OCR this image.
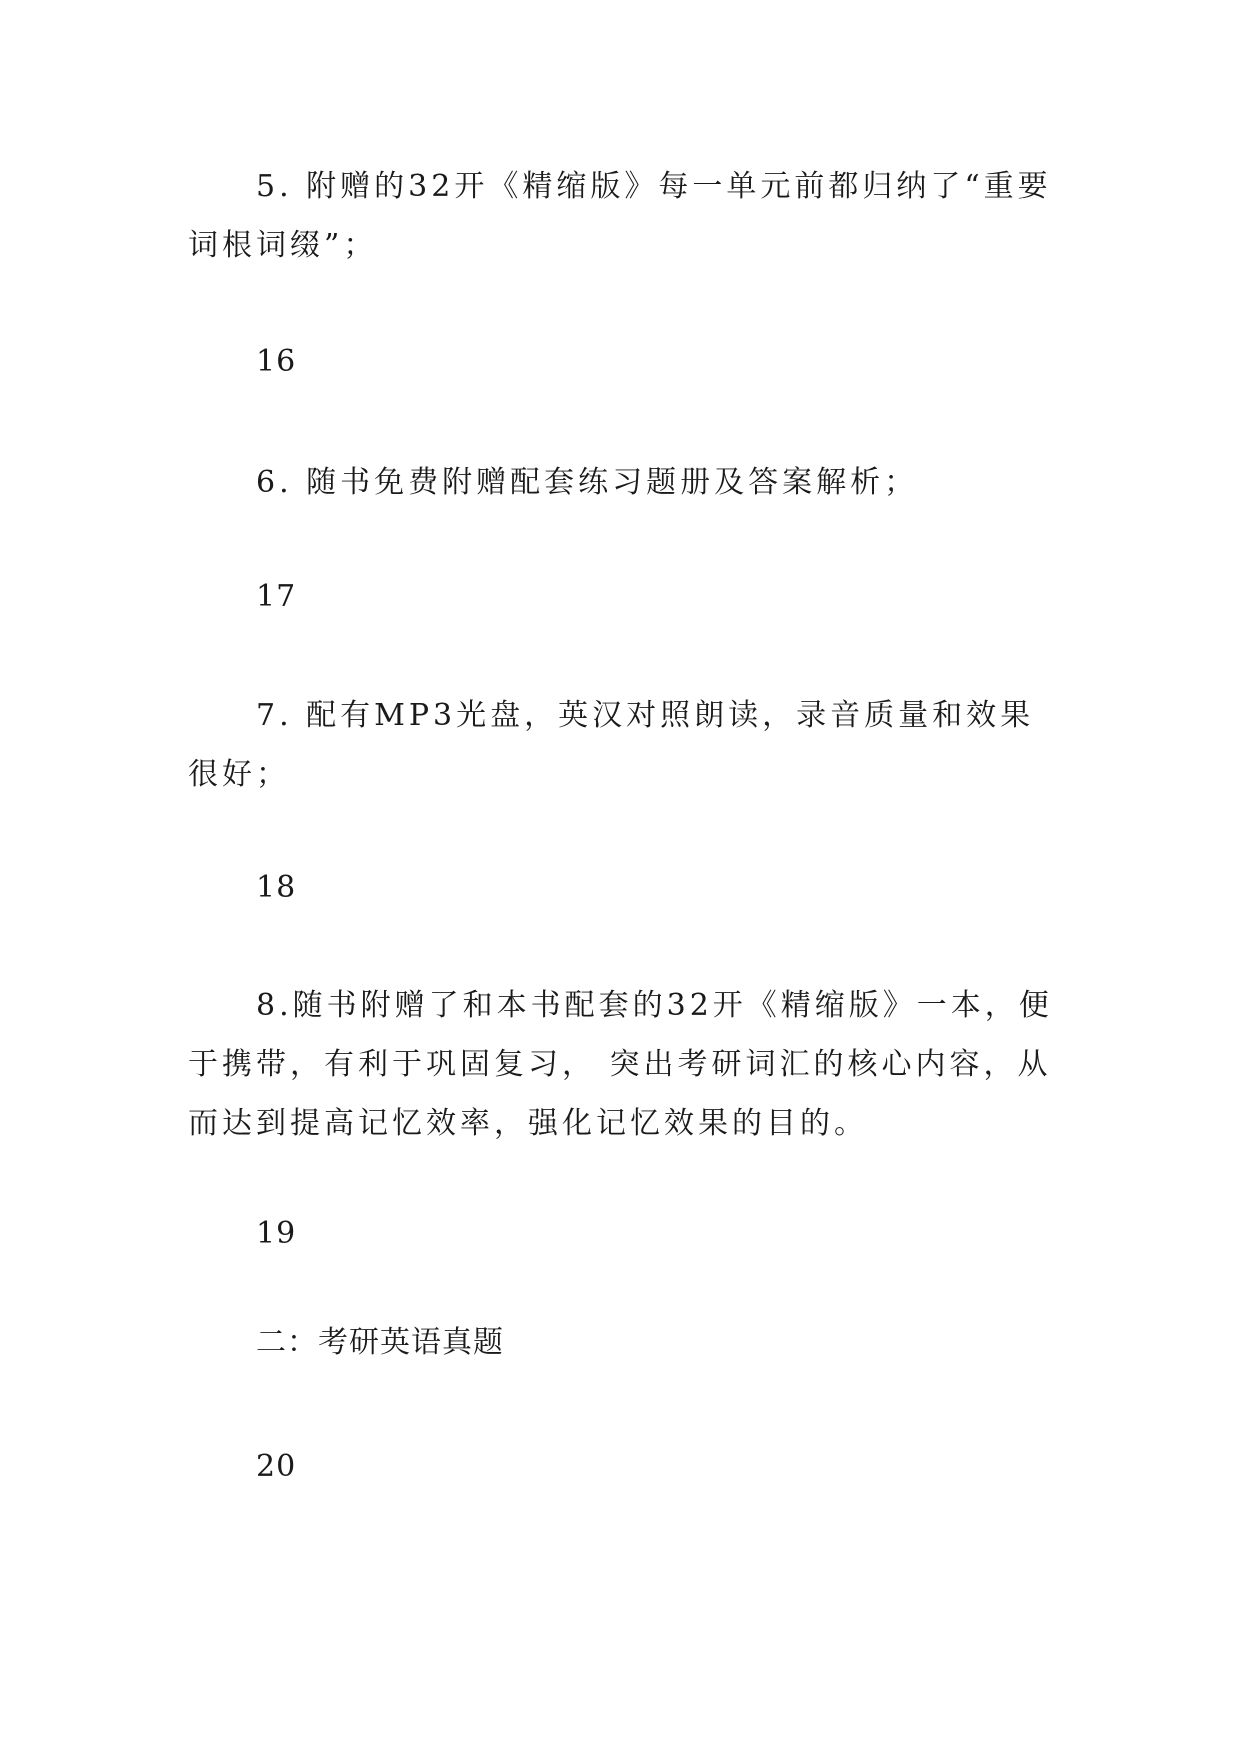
5. 附赠的32开《精缩版》每一单元前都归纳了“重要词根词缀”；

16

6. 随书免费附赠配套练习题册及答案解析；

17

7. 配有MP3光盘，英汉对照朗读，录音质量和效果很好；

18

8.随书附赠了和本书配套的32开《精缩版》一本，便于携带，有利于巩固复习， 突出考研词汇的核心内容，从而达到提高记忆效率，强化记忆效果的目的。

19

二：考研英语真题

20
